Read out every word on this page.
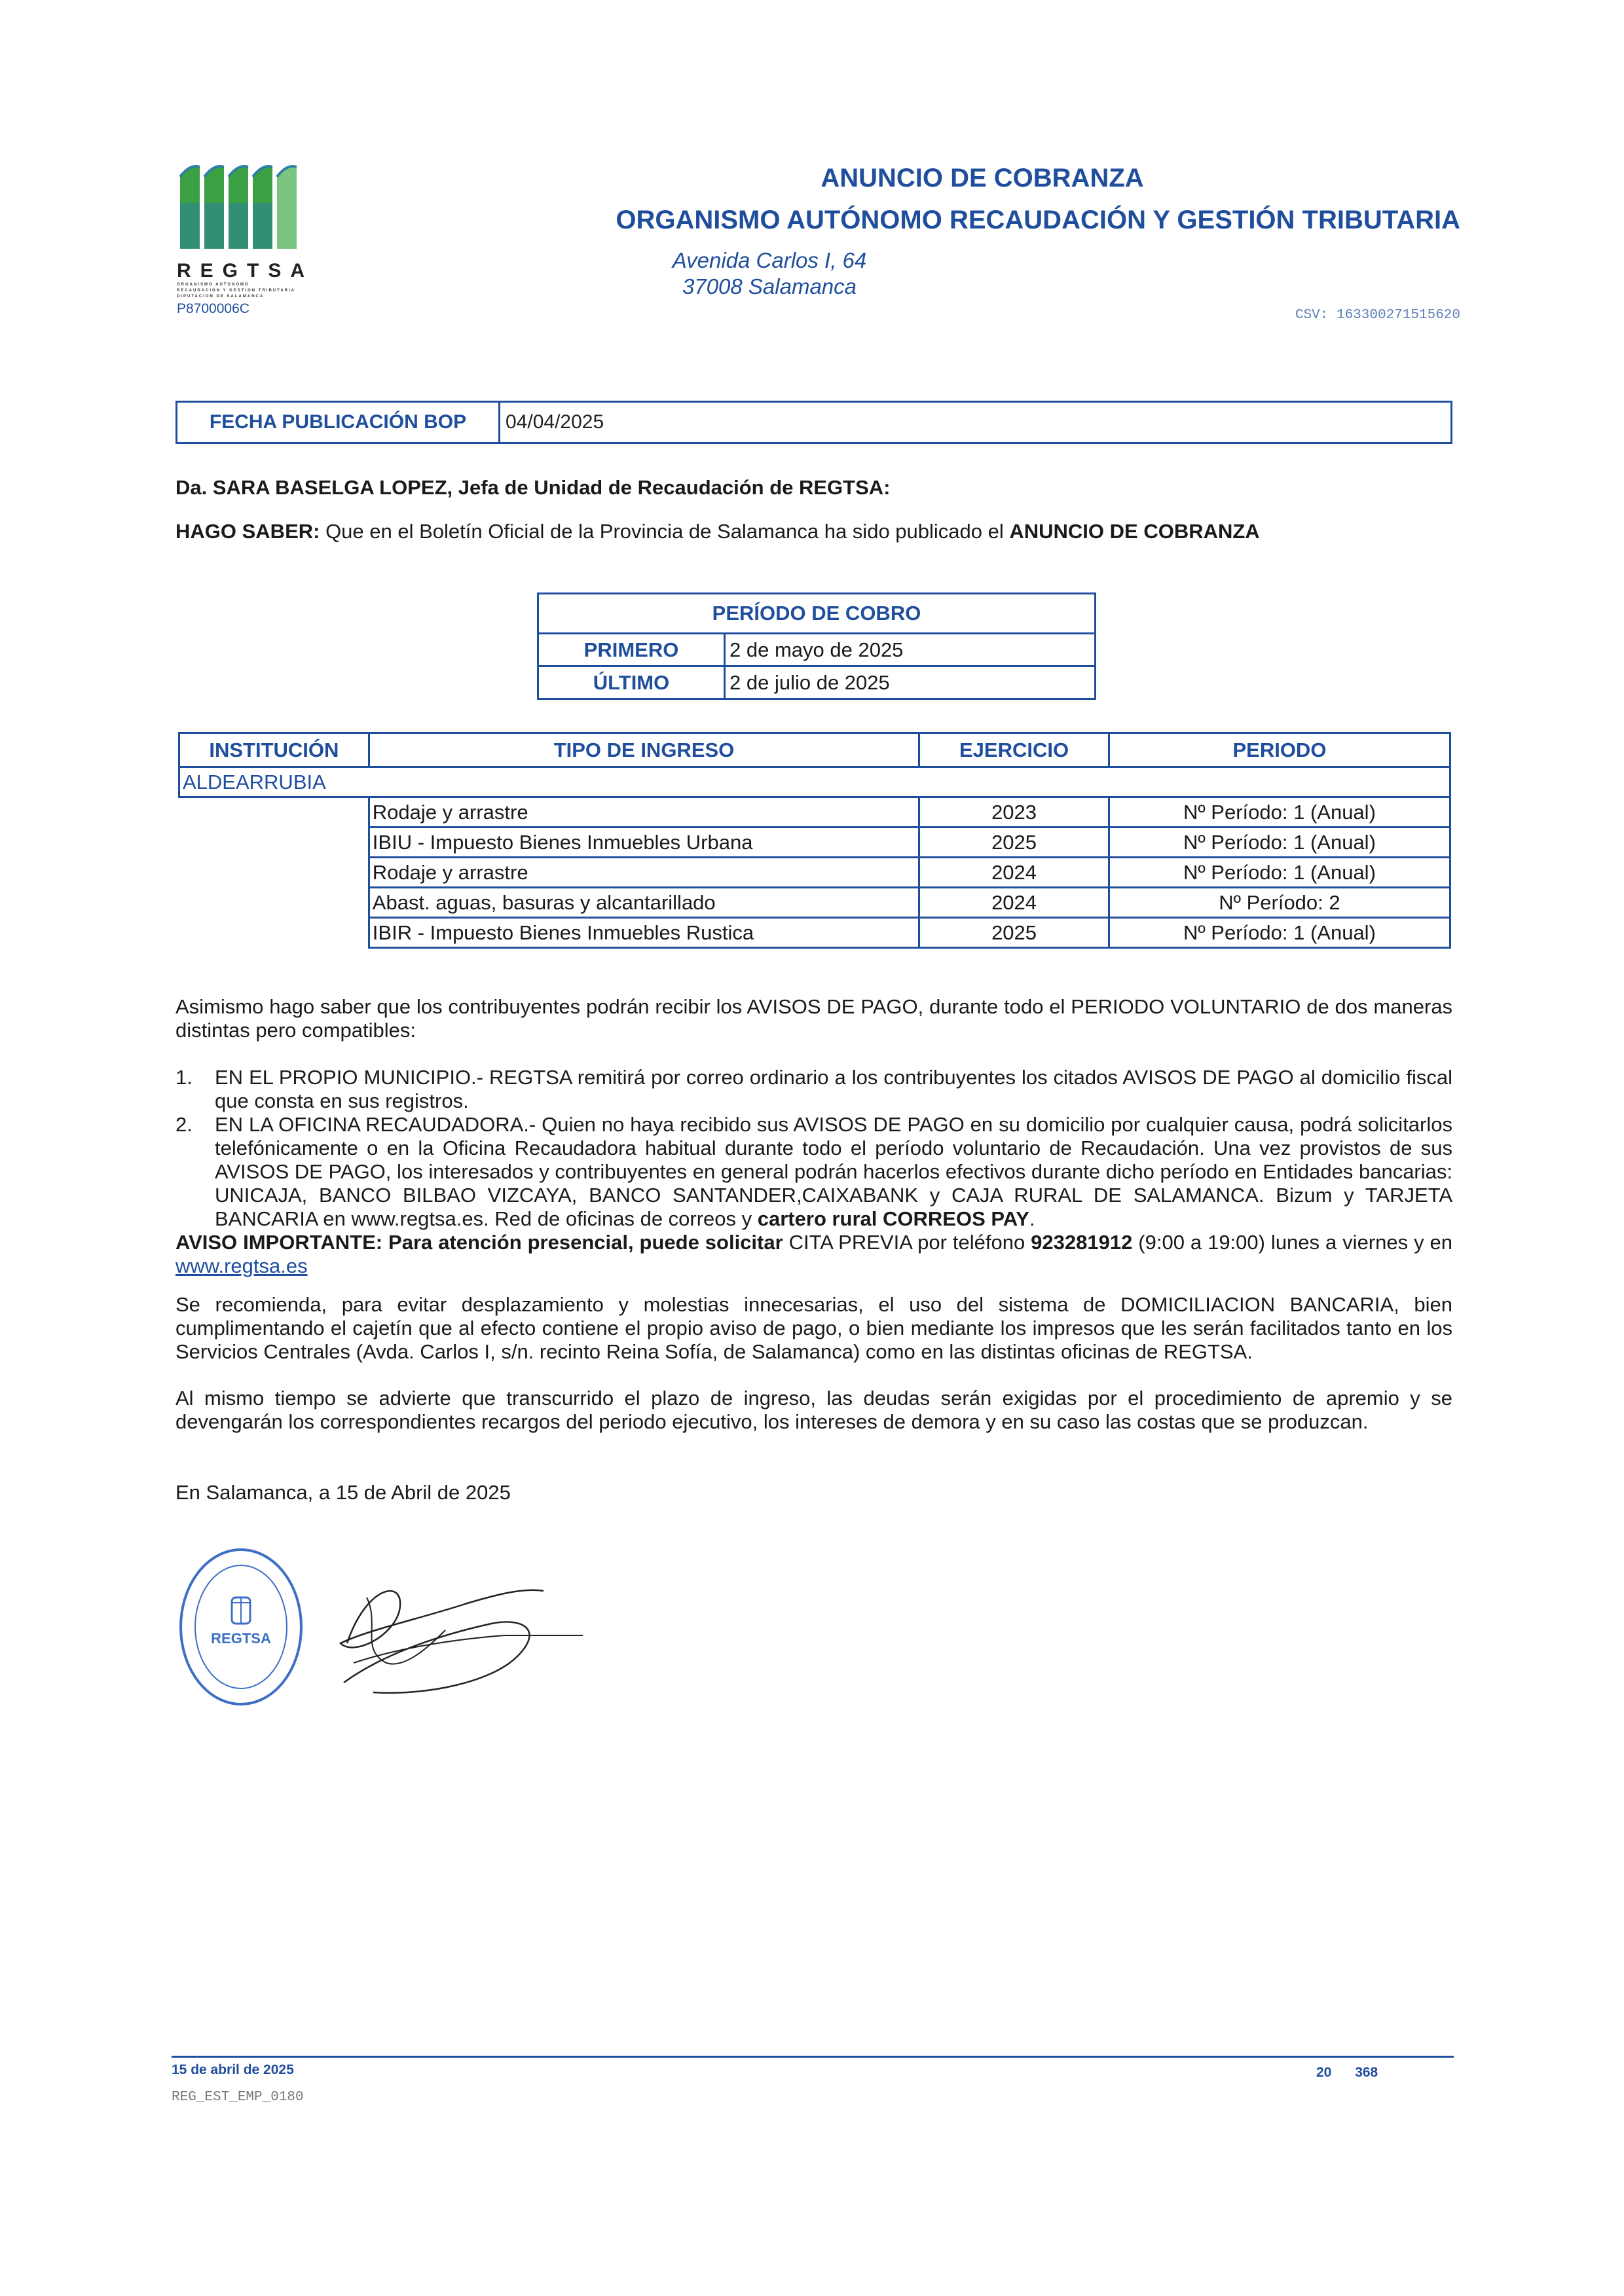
REGTSA
ORGANISMO AUTONOMO
RECAUDACION Y GESTION TRIBUTARIA
DIPUTACION DE SALAMANCA
P8700006C
ANUNCIO DE COBRANZA
ORGANISMO AUTÓNOMO RECAUDACIÓN Y GESTIÓN TRIBUTARIA
Avenida Carlos I, 64
37008 Salamanca
CSV: 163300271515620
FECHA PUBLICACIÓN BOP	04/04/2025
Da. SARA BASELGA LOPEZ, Jefa de Unidad de Recaudación de REGTSA:
HAGO SABER: Que en el Boletín Oficial de la Provincia de Salamanca ha sido publicado el ANUNCIO DE COBRANZA
PERÍODO DE COBRO	
PRIMERO	2 de mayo de 2025
ÚLTIMO	2 de julio de 2025
INSTITUCIÓN	TIPO DE INGRESO	EJERCICIO	PERIODO
ALDEARRUBIA			
	Rodaje y arrastre	2023	Nº Período: 1 (Anual)
	IBIU - Impuesto Bienes Inmuebles Urbana	2025	Nº Período: 1 (Anual)
	Rodaje y arrastre	2024	Nº Período: 1 (Anual)
	Abast. aguas, basuras y alcantarillado	2024	Nº Período: 2
	IBIR - Impuesto Bienes Inmuebles Rustica	2025	Nº Período: 1 (Anual)
Asimismo hago saber que los contribuyentes podrán recibir los AVISOS DE PAGO, durante todo el PERIODO VOLUNTARIO de dos maneras distintas pero compatibles:
1.	EN EL PROPIO MUNICIPIO.- REGTSA remitirá por correo ordinario a los contribuyentes los citados AVISOS DE PAGO al domicilio fiscal que consta en sus registros.
2.	EN LA OFICINA RECAUDADORA.- Quien no haya recibido sus AVISOS DE PAGO en su domicilio por cualquier causa, podrá solicitarlos telefónicamente o en la Oficina Recaudadora habitual durante todo el período voluntario de Recaudación. Una vez provistos de sus AVISOS DE PAGO, los interesados y contribuyentes en general podrán hacerlos efectivos durante dicho período en Entidades bancarias: UNICAJA, BANCO BILBAO VIZCAYA, BANCO SANTANDER,CAIXABANK y CAJA RURAL DE SALAMANCA. Bizum y TARJETA BANCARIA en www.regtsa.es. Red de oficinas de correos y cartero rural CORREOS PAY.
AVISO IMPORTANTE: Para atención presencial, puede solicitar CITA PREVIA por teléfono 923281912 (9:00 a 19:00) lunes a viernes y en www.regtsa.es
Se recomienda, para evitar desplazamiento y molestias innecesarias, el uso del sistema de DOMICILIACION BANCARIA, bien cumplimentando el cajetín que al efecto contiene el propio aviso de pago, o bien mediante los impresos que les serán facilitados tanto en los Servicios Centrales (Avda. Carlos I, s/n. recinto Reina Sofía, de Salamanca) como en las distintas oficinas de REGTSA.
Al mismo tiempo se advierte que transcurrido el plazo de ingreso, las deudas serán exigidas por el procedimiento de apremio y se devengarán los correspondientes recargos del periodo ejecutivo, los intereses de demora y en su caso las costas que se produzcan.
En Salamanca, a 15 de Abril de 2025
REGTSA
15 de abril de 2025	20 368
REG_EST_EMP_0180
